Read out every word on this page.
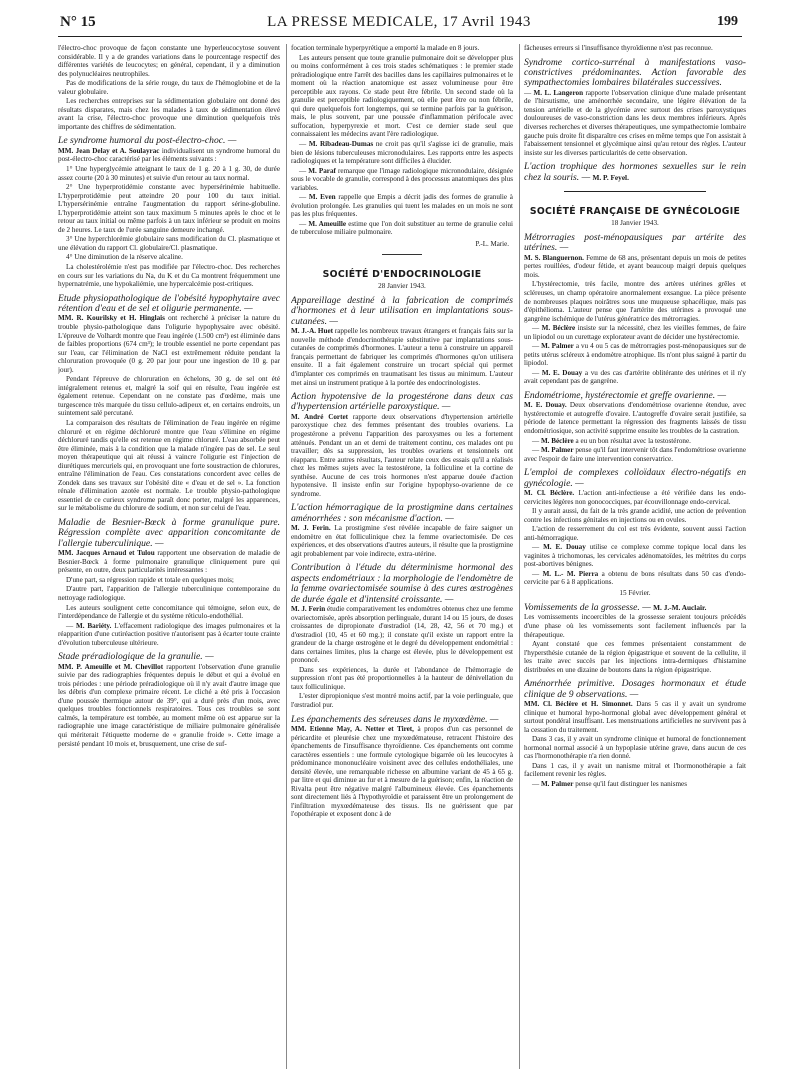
N° 15	LA PRESSE MEDICALE, 17 Avril 1943	199

l'électro-choc provoque de façon constante une hyperleucocytose souvent considérable. Il y a de grandes variations dans le pourcentage respectif des différentes variétés de leucocytes; en général, cependant, il y a diminution des polynucléaires neutrophiles.

Pas de modifications de la série rouge, du taux de l'hémoglobine et de la valeur globulaire.

Les recherches entreprises sur la sédimentation globulaire ont donné des résultats disparates, mais chez les malades à taux de sédimentation élevé avant la crise, l'électro-choc provoque une diminution quelquefois très importante des chiffres de sédimentation.

Le syndrome humoral du post-électro-choc. —

MM. Jean Delay et A. Soulayrac individualisent un syndrome humoral du post-électro-choc caractérisé par les éléments suivants :

1° Une hyperglycémie atteignant le taux de 1 g. 20 à 1 g. 30, de durée assez courte (20 à 30 minutes) et suivie d'un retour au taux normal.

2° Une hyperprotidémie constante avec hypersérinémie habituelle. L'hyperprotidémie peut atteindre 20 pour 100 du taux initial. L'hypersérinémie entraîne l'augmentation du rapport sérine-globuline. L'hyperprotidémie atteint son taux maximum 5 minutes après le choc et le retour au taux initial ou même parfois à un taux inférieur se produit en moins de 2 heures. Le taux de l'urée sanguine demeure inchangé.

3° Une hyperchlorémie globulaire sans modification du Cl. plasmatique et une élévation du rapport Cl. globulaire/Cl. plasmatique.

4° Une diminution de la réserve alcaline.

La cholestérolémie n'est pas modifiée par l'électro-choc. Des recherches en cours sur les variations du Na, du K et du Ca montrent fréquemment une hypernatrémie, une hypokaliémie, une hypercalcémie post-critiques.

Etude physiopathologique de l'obésité hypophytaire avec rétention d'eau et de sel et oligurie permanente. —

MM. R. Kourilsky et H. Hinglais ont recherché à préciser la nature du trouble physio-pathologique dans l'oligurie hypophysaire avec obésité. L'épreuve de Volhardt montre que l'eau ingérée (1.500 cm³) est éliminée dans de faibles proportions (674 cm³); le trouble essentiel ne porte cependant pas sur l'eau, car l'élimination de NaCl est extrêmement réduite pendant la chloruration provoquée (0 g. 20 par jour pour une ingestion de 10 g. par jour).

Pendant l'épreuve de chloruration en échelons, 30 g. de sel ont été intégralement retenus et, malgré la soif qui en résulte, l'eau ingérée est également retenue. Cependant on ne constate pas d'œdème, mais une turgescence très marquée du tissu cellulo-adipeux et, en certains endroits, un suintement salé percutané.

La comparaison des résultats de l'élimination de l'eau ingérée en régime chloruré et en régime déchloruré montre que l'eau s'élimine en régime déchloruré tandis qu'elle est retenue en régime chloruré. L'eau absorbée peut être éliminée, mais à la condition que la malade n'ingère pas de sel. Le seul moyen thérapeutique qui ait réussi à vaincre l'oligurie est l'injection de diurétiques mercuriels qui, en provoquant une forte soustraction de chlorures, entraîne l'élimination de l'eau. Ces constatations concordent avec celles de Zondek dans ses travaux sur l'obésité dite « d'eau et de sel ». La fonction rénale d'élimination azotée est normale. Le trouble physio-pathologique essentiel de ce curieux syndrome paraît donc porter, malgré les apparences, sur le métabolisme du chlorure de sodium, et non sur celui de l'eau.

Maladie de Besnier-Bœck à forme granulique pure. Régression complète avec apparition concomitante de l'allergie tuberculinique. —

MM. Jacques Arnaud et Tulou rapportent une observation de maladie de Besnier-Bœck à forme pulmonaire granulique cliniquement pure qui présente, en outre, deux particularités intéressantes :

D'une part, sa régression rapide et totale en quelques mois;

D'autre part, l'apparition de l'allergie tuberculinique contemporaine du nettoyage radiologique.

Les auteurs soulignent cette concomitance qui témoigne, selon eux, de l'interdépendance de l'allergie et du système réticulo-endothélial.

— M. Bariéty. L'effacement radiologique des images pulmonaires et la réapparition d'une cutiréaction positive n'autorisent pas à écarter toute crainte d'évolution tuberculeuse ultérieure.

Stade préradiologique de la granulie. —

MM. P. Ameuille et M. Chevillot rapportent l'observation d'une granulie suivie par des radiographies fréquentes depuis le début et qui a évolué en trois périodes : une période préradiologique où il n'y avait d'autre image que les débris d'un complexe primaire récent. Le cliché a été pris à l'occasion d'une poussée thermique autour de 39°, qui a duré près d'un mois, avec quelques troubles fonctionnels respiratoires. Tous ces troubles se sont calmés, la température est tombée, au moment même où est apparue sur la radiographie une image caractéristique de miliaire pulmonaire généralisée qui mériterait l'étiquette moderne de « granulie froide ». Cette image a persisté pendant 10 mois et, brusquement, une crise de suf-

focation terminale hyperpyrétique a emporté la malade en 8 jours.

Les auteurs pensent que toute granulie pulmonaire doit se développer plus ou moins conformément à ces trois stades schématiques : le premier stade préradiologique entre l'arrêt des bacilles dans les capillaires pulmonaires et le moment où la réaction anatomique est assez volumineuse pour être perceptible aux rayons. Ce stade peut être fébrile. Un second stade où la granulie est perceptible radiologiquement, où elle peut être ou non fébrile, qui dure quelquefois fort longtemps, qui se termine parfois par la guérison, mais, le plus souvent, par une poussée d'inflammation périfocale avec suffocation, hyperpyrexie et mort. C'est ce dernier stade seul que connaissaient les médecins avant l'ère radiologique.

— M. Ribadeau-Dumas ne croit pas qu'il s'agisse ici de granulie, mais bien de lésions tuberculeuses micronodulaires. Les rapports entre les aspects radiologiques et la température sont difficiles à élucider.

— M. Paraf remarque que l'image radiologique micronodulaire, désignée sous le vocable de granulie, correspond à des processus anatomiques des plus variables.

— M. Even rappelle que Empis a décrit jadis des formes de granulie à évolution prolongée. Les granulies qui tuent les malades en un mois ne sont pas les plus fréquentes.

— M. Ameuille estime que l'on doit substituer au terme de granulie celui de tuberculose miliaire pulmonaire.

P.-L. Marie.
SOCIÉTÉ D'ENDOCRINOLOGIE
28 Janvier 1943.
Appareillage destiné à la fabrication de comprimés d'hormones et à leur utilisation en implantations sous-cutanées. —

M. J.-A. Huet rappelle les nombreux travaux étrangers et français faits sur la nouvelle méthode d'endocrinothérapie substitutive par implantations sous-cutanées de comprimés d'hormones. L'auteur a tenu à construire un appareil français permettant de fabriquer les comprimés d'hormones qu'on utilisera ensuite. Il a fait également construire un trocart spécial qui permet d'implanter ces comprimés en traumatisant les tissus au minimum. L'auteur met ainsi un instrument pratique à la portée des endocrinologistes.

Action hypotensive de la progestérone dans deux cas d'hypertension artérielle paroxystique. —

M. André Cortet rapporte deux observations d'hypertension artérielle paroxystique chez des femmes présentant des troubles ovariens. La progestérone a prévenu l'apparition des paroxysmes ou les a fortement atténués. Pendant un an et demi de traitement continu, ces malades ont pu travailler; dès sa suppression, les troubles ovariens et tensionnels ont réapparu. Entre autres résultats, l'auteur relate ceux des essais qu'il a réalisés chez les mêmes sujets avec la testostérone, la folliculine et la cortine de synthèse. Aucune de ces trois hormones n'est apparue douée d'action hypotensive. Il insiste enfin sur l'origine hypophyso-ovarienne de ce syndrome.

L'action hémorragique de la prostigmine dans certaines aménorrhées : son mécanisme d'action. —

M. J. Ferin. La prostigmine s'est révélée incapable de faire saigner un endomètre en état folliculinique chez la femme ovariectomisée. De ces expériences, et des observations d'autres auteurs, il résulte que la prostigmine agit probablement par voie indirecte, extra-utérine.

Contribution à l'étude du déterminisme hormonal des aspects endométriaux : la morphologie de l'endomètre de la femme ovariectomisée soumise à des cures œstrogènes de durée égale et d'intensité croissante. —

M. J. Ferin étudie comparativement les endomètres obtenus chez une femme ovariectomisée, après absorption perlinguale, durant 14 ou 15 jours, de doses croissantes de dipropionate d'œstradiol (14, 28, 42, 56 et 70 mg.) et d'œstradiol (10, 45 et 60 mg.); il constate qu'il existe un rapport entre la grandeur de la charge œstrogène et le degré du développement endométrial : dans certaines limites, plus la charge est élevée, plus le développement est prononcé.

Dans ses expériences, la durée et l'abondance de l'hémorragie de suppression n'ont pas été proportionnelles à la hauteur de dénivellation du taux folliculinique.

L'ester dipropionique s'est montré moins actif, par la voie perlinguale, que l'œstradiol pur.

Les épanchements des séreuses dans le myxœdème. —

MM. Etienne May, A. Netter et Tiret, à propos d'un cas personnel de péricardite et pleurésie chez une myxœdémateuse, retracent l'histoire des épanchements de l'insuffisance thyroïdienne. Ces épanchements ont comme caractères essentiels : une formule cytologique bigarrée où les leucocytes à prédominance mononucléaire voisinent avec des cellules endothéliales, une densité élevée, une remarquable richesse en albumine variant de 45 à 65 g. par litre et qui diminue au fur et à mesure de la guérison; enfin, la réaction de Rivalta peut être négative malgré l'albumineux élevée. Ces épanchements sont directement liés à l'hypothyroïdie et paraissent être un prolongement de l'infiltration myxœdémateuse des tissus. Ils ne guérissent que par l'opothérapie et exposent donc à de

fâcheuses erreurs si l'insuffisance thyroïdienne n'est pas reconnue.

Syndrome cortico-surrénal à manifestations vaso-constrictives prédominantes. Action favorable des sympathectomies lombaires bilatérales successives.

— M. L. Langeron rapporte l'observation clinique d'une malade présentant de l'hirsutisme, une aménorrhée secondaire, une légère élévation de la tension artérielle et de la glycémie avec surtout des crises paroxystiques douloureuses de vaso-constriction dans les deux membres inférieurs. Après diverses recherches et diverses thérapeutiques, une sympathectomie lombaire gauche puis droite fit disparaître ces crises en même temps que l'on assistait à l'abaissement tensionnel et glycémique ainsi qu'au retour des règles. L'auteur insiste sur les diverses particularités de cette observation.

L'action trophique des hormones sexuelles sur le rein chez la souris. — M. P. Feyel.
SOCIÉTÉ FRANÇAISE DE GYNÉCOLOGIE
18 Janvier 1943.
Métrorragies post-ménopausiques par artérite des utérines. —

M. S. Blanguernon. Femme de 68 ans, présentant depuis un mois de petites pertes rouillées, d'odeur fétide, et ayant beaucoup maigri depuis quelques mois.

L'hystérectomie, très facile, montre des artères utérines grêles et scléreuses, un champ opératoire anormalement exsangue. La pièce présente de nombreuses plaques noirâtres sous une muqueuse sphacélique, mais pas d'épithélioma. L'auteur pense que l'artérite des utérines a provoqué une gangrène ischémique de l'utérus génératrice des métrorragies.

— M. Béclère insiste sur la nécessité, chez les vieilles femmes, de faire un lipiodol ou un curettage explorateur avant de décider une hystérectomie.

— M. Palmer a vu 4 ou 5 cas de métrorragies post-ménopausiques sur de petits utérus scléreux à endomètre atrophique. Ils n'ont plus saigné à partir du lipiodol.

— M. E. Douay a vu des cas d'artérite oblitérante des utérines et il n'y avait cependant pas de gangrène.

Endométriome, hystérectomie et greffe ovarienne. —

M. E. Douay. Deux observations d'endométriose ovarienne étendue, avec hystérectomie et autogreffe d'ovaire. L'autogreffe d'ovaire serait justifiée, sa période de latence permettant la régression des fragments laissés de tissu endométriosique, son activité supprime ensuite les troubles de la castration.

— M. Béclère a eu un bon résultat avec la testostérone.

— M. Palmer pense qu'il faut intervenir tôt dans l'endométriose ovarienne avec l'espoir de faire une intervention conservatrice.

L'emploi de complexes colloïdaux électro-négatifs en gynécologie. —

M. Cl. Béclère. L'action anti-infectieuse a été vérifiée dans les endo-cervicites légères non gonococciques, par écouvillonnage endo-cervical.

Il y aurait aussi, du fait de la très grande acidité, une action de prévention contre les infections génitales en injections ou en ovules.

L'action de resserrement du col est très évidente, souvent aussi l'action anti-hémorragique.

— M. E. Douay utilise ce complexe comme topique local dans les vaginites à trichomonas, les cervicales adénomatoïdes, les métrites du corps post-abortives bénignes.

— M. L.- M. Pierra a obtenu de bons résultats dans 50 cas d'endo-cervicite par 6 à 8 applications.

15 Février.
Vomissements de la grossesse. — M. J.-M. Auclair.

Les vomissements incoercibles de la grossesse seraient toujours précédés d'une phase où les vomissements sont facilement influencés par la thérapeutique.

Ayant constaté que ces femmes présentaient constamment de l'hypersthésie cutanée de la région épigastrique et souvent de la cellulite, il les traite avec succès par les injections intra-dermiques d'histamine distribuées en une dizaine de boutons dans la région épigastrique.

Aménorrhée primitive. Dosages hormonaux et étude clinique de 9 observations. —

MM. Cl. Béclère et H. Simonnet. Dans 5 cas il y avait un syndrome clinique et humoral hypo-hormonal global avec développement général et surtout pondéral insuffisant. Les menstruations artificielles ne survivent pas à la cessation du traitement.

Dans 3 cas, il y avait un syndrome clinique et humoral de fonctionnement hormonal normal associé à un hypoplasie utérine grave, dans aucun de ces cas l'hormonothérapie n'a rien donné.

Dans 1 cas, il y avait un nanisme mitral et l'hormonothérapie a fait facilement revenir les règles.

— M. Palmer pense qu'il faut distinguer les nanismes
